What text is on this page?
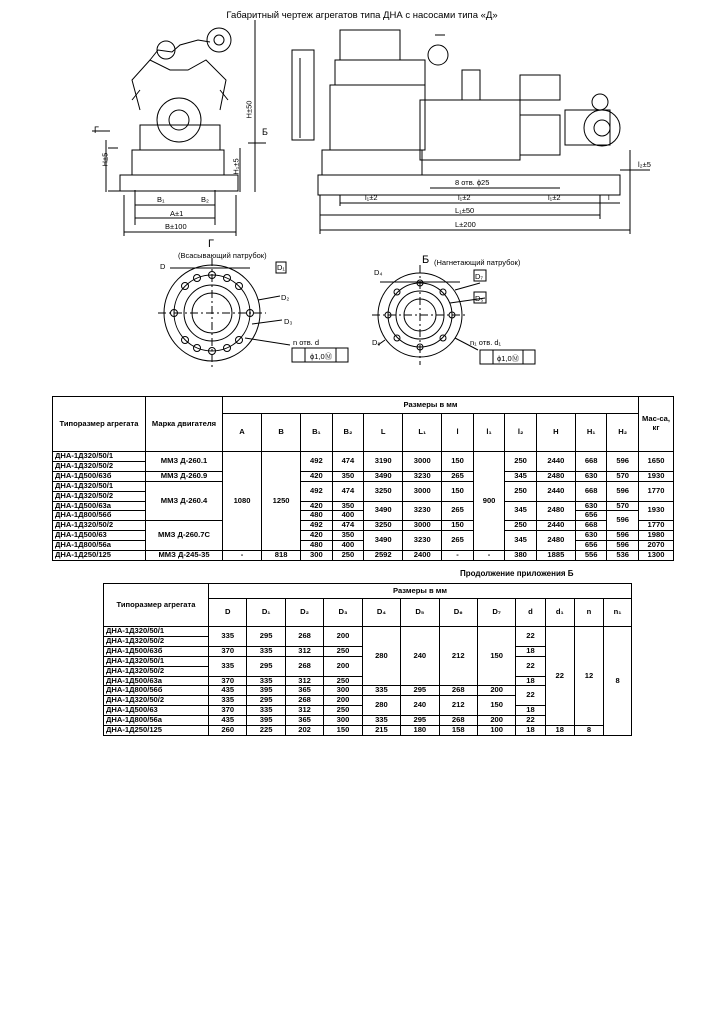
Габаритный чертеж агрегатов типа ДНА с насосами типа «Д»
Г	Б
H±5	H₁±5
H±50
B₁	B₂
A±1
B±100
8 отв. ϕ25
l₁±2	l₁±2	l₁±2	l
L₁±50
L±200
l₂±5
Г
(Всасывающий патрубок)	Б (Нагнетающий патрубок)
D	D₁
D₂
D₃
n отв. d
ϕ1,0Ⓜ
D₄	D₇
D₅
D₆	n₁ отв. d₁
ϕ1,0Ⓜ
Типоразмер агрегата	Марка двигателя	Размеры в мм												Мас-са, кг
		A	B	B₁	B₂	L	L₁	l	l₁	l₂	H	H₁	H₂	
ДНА-1Д320/50/1	ММЗ Д-260.1	1080	1250	492	474	3190	3000	150	900	250	2440	668	596	1650
ДНА-1Д320/50/2														
ДНА-1Д500/63б	ММЗ Д-260.9			420	350	3490	3230	265		345	2480	630	570	1930
ДНА-1Д320/50/1	ММЗ Д-260.4			492	474	3250	3000	150		250	2440	668	596	1770
ДНА-1Д320/50/2														
ДНА-1Д500/63а				420	350	3490	3230	265		345	2480	630	570	1930
ДНА-1Д800/56б				480	400							656	596	
ДНА-1Д320/50/2	ММЗ Д-260.7С			492	474	3250	3000	150		250	2440	668		1770
ДНА-1Д500/63				420	350	3490	3230	265		345	2480	630	596	1980
ДНА-1Д800/56а				480	400							656	596	2070
ДНА-1Д250/125	ММЗ Д-245-35	-	818	300	250	2592	2400	-	-	380	1885	556	536	1300
Продолжение приложения Б
Типоразмер агрегата	Размеры в мм											
	D	D₁	D₂	D₃	D₄	D₅	D₆	D₇	d	d₁	n	n₁
ДНА-1Д320/50/1	335	295	268	200	280	240	212	150	22	22	12	8
ДНА-1Д320/50/2												
ДНА-1Д500/63б	370	335	312	250					18			
ДНА-1Д320/50/1	335	295	268	200					22			
ДНА-1Д320/50/2												
ДНА-1Д500/63а	370	335	312	250					18			
ДНА-1Д800/56б	435	395	365	300	335	295	268	200	22			
ДНА-1Д320/50/2	335	295	268	200	280	240	212	150				
ДНА-1Д500/63	370	335	312	250					18			
ДНА-1Д800/56а	435	395	365	300	335	295	268	200	22			
ДНА-1Д250/125	260	225	202	150	215	180	158	100	18	18	8	
